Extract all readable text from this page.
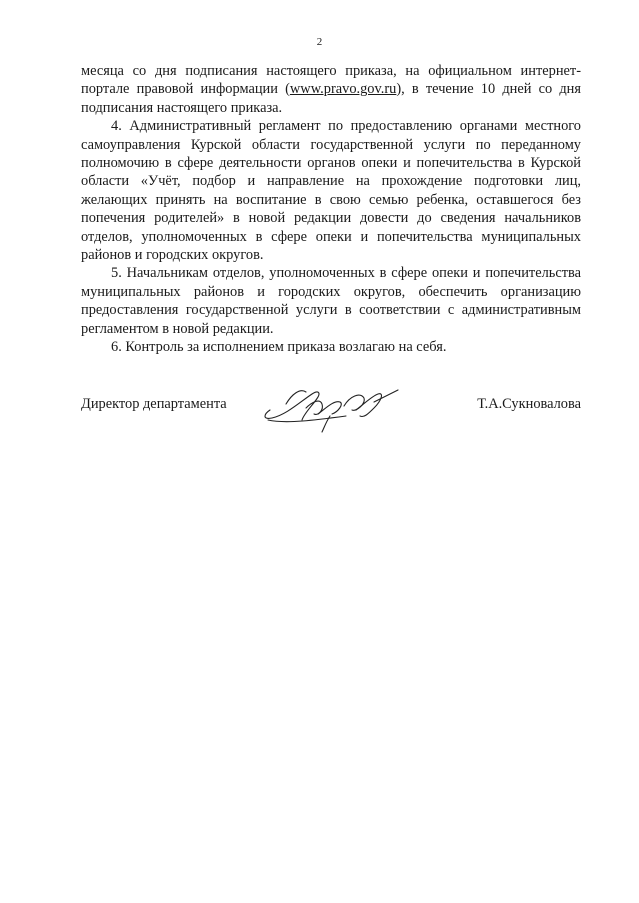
2

месяца со дня подписания настоящего приказа, на официальном интернет-портале правовой информации (www.pravo.gov.ru), в течение 10 дней со дня подписания настоящего приказа.

4. Административный регламент по предоставлению органами местного самоуправления Курской области государственной услуги по переданному полномочию в сфере деятельности органов опеки и попечительства в Курской области «Учёт, подбор и направление на прохождение подготовки лиц, желающих принять на воспитание в свою семью ребенка, оставшегося без попечения родителей» в новой редакции довести до сведения начальников отделов, уполномоченных в сфере опеки и попечительства муниципальных районов и городских округов.

5. Начальникам отделов, уполномоченных в сфере опеки и попечительства муниципальных районов и городских округов, обеспечить организацию предоставления государственной услуги в соответствии с административным регламентом в новой редакции.

6. Контроль за исполнением приказа возлагаю на себя.

Директор департамента	Т.А.Сукновалова
